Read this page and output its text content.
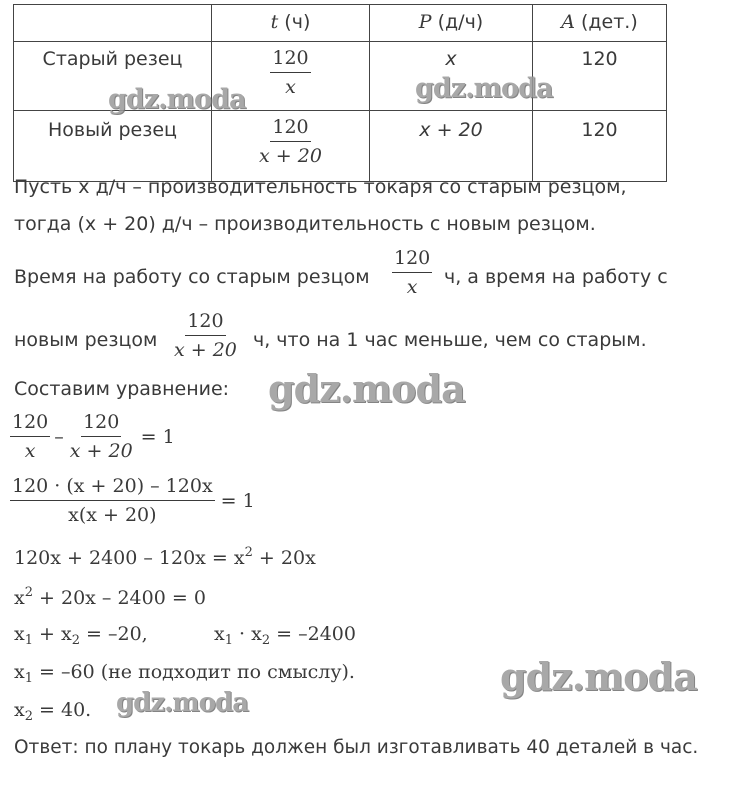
	t (ч)	P (д/ч)	A (дет.)
Старый резец	$\frac{120}{x}$	x	120
Новый резец	$\frac{120}{x + 20}$	x + 20	120
Пусть x д/ч – производительность токаря со старым резцом,
тогда (x + 20) д/ч – производительность с новым резцом.
Время на работу со старым резцом $\frac{120}{x} ч$, а время на работу с
новым резцом $\frac{120}{x + 20} ч$, что на 1 час меньше, чем со старым.
Составим уравнение:
$\frac{120}{x} - \frac{120}{x + 20} = 1$
$\frac{120 \cdot (x + 20) - 120x}{x(x + 20)} = 1$
$120x + 2400 - 120x = x^2 + 20x$
$x^2 + 20x - 2400 = 0$
$x_1 + x_2 = -20$,	$x_1 \cdot x_2 = -2400$
$x_1 = -60$ (не подходит по смыслу).
$x_2 = 40$.
Ответ: по плану токарь должен был изготавливать 40 деталей в час.
gdz.moda	gdz.moda
gdz.moda
gdz.moda
gdz.moda
